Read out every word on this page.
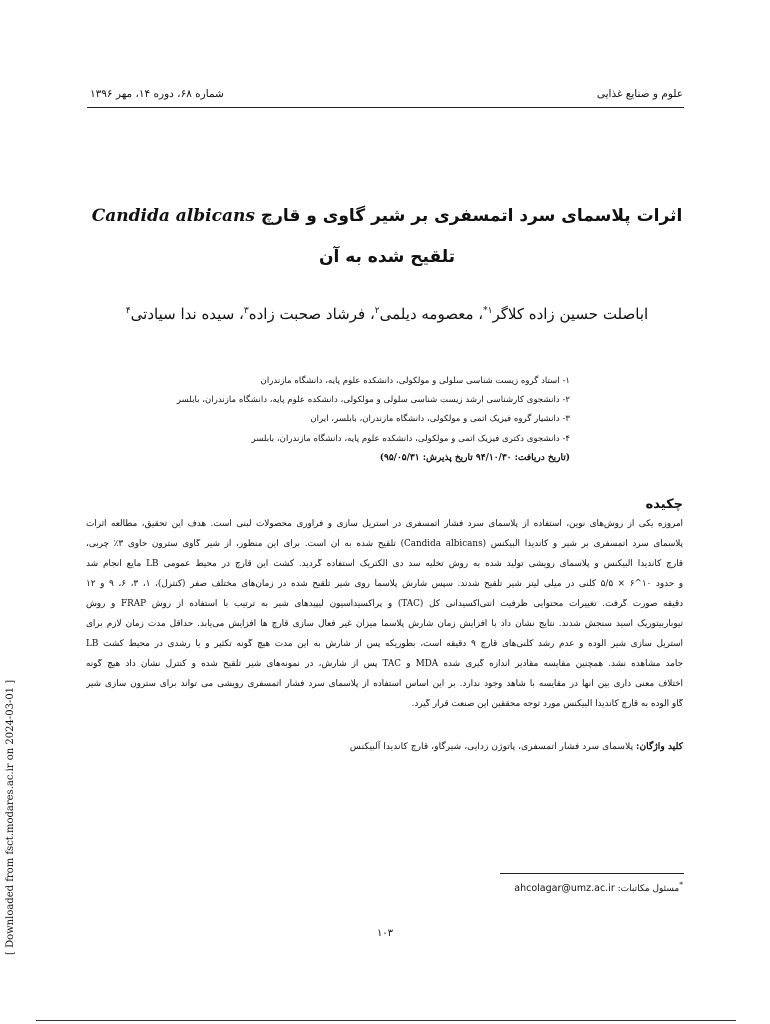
علوم و صنایع غذایی
شماره ۶۸، دوره ۱۴، مهر ۱۳۹۶
اثرات پلاسمای سرد اتمسفری بر شیر گاوی و قارچ Candida albicans
تلقیح شده به آن
اباصلت حسین زاده کلاگر$^{۱*}$، معصومه دیلمی$^۲$، فرشاد صحبت زاده$^۳$، سیده ندا سیادتی$^۴$
۱- استاد گروه زیست شناسی سلولی و مولکولی، دانشکده علوم پایه، دانشگاه مازندران
۲- دانشجوی کارشناسی ارشد زیست شناسی سلولی و مولکولی، دانشکده علوم پایه، دانشگاه مازندران، بابلسر
۳- دانشیار گروه فیزیک اتمی و مولکولی، دانشگاه مازندران، بابلسر، ایران
۴- دانشجوی دکتری فیزیک اتمی و مولکولی، دانشکده علوم پایه، دانشگاه مازندران، بابلسر
(تاریخ دریافت: ۹۴/۱۰/۳۰ تاریخ پذیرش: ۹۵/۰۵/۳۱)
چکیده
امروزه یکی از روش‌های نوین، استفاده از پلاسمای سرد فشار اتمسفری در استریل سازی و فرآوری محصولات لبنی است. هدف این تحقیق، مطالعه اثرات
پلاسمای سرد اتمسفری بر شیر و کاندیدا آلبیکنس (Candida albicans) تلقیح شده به آن است. برای این منظور، از شیر گاوی سترون حاوی ۳٪ چربی،
قارچ کاندیدا آلبیکنس و پلاسمای رویشی تولید شده به روش تخلیه سد دی الکتریک استفاده گردید. کشت این قارچ در محیط عمومی LB مایع انجام شد
و حدود ۱۰^۶ × ۵/۵ کلنی در میلی لیتر شیر تلقیح شدند. سپس شارش پلاسما روی شیر تلقیح شده در زمان‌های مختلف صفر (کنترل)، ۱، ۳، ۶، ۹ و ۱۲
دقیقه صورت گرفت. تغییرات محتوایی ظرفیت آنتی‌اکسیدانی کل (TAC) و پراکسیداسیون لیپیدهای شیر به ترتیب با استفاده از روش FRAP و روش
تیوباربیتوریک اسید سنجش شدند. نتایج نشان داد با افزایش زمان شارش پلاسما میزان غیر فعال سازی قارچ ها افزایش می‌یابد. حداقل مدت زمان لازم برای
استریل سازی شیر آلوده و عدم رشد کلنی‌های قارچ ۹ دقیقه است، بطوریکه پس از شارش به این مدت هیچ گونه تکثیر و یا رشدی در محیط کشت LB
جامد مشاهده نشد. همچنین مقایسه مقادیر اندازه گیری شده MDA و TAC پس از شارش، در نمونه‌های شیر تلقیح شده و کنترل نشان داد هیچ گونه
اختلاف معنی داری بین آنها در مقایسه با شاهد وجود ندارد. بر این اساس استفاده از پلاسمای سرد فشار اتمسفری رویشی می تواند برای سترون سازی شیر
گاو آلوده به قارچ کاندیدا آلبیکنس مورد توجه محققین این صنعت قرار گیرد.
کلید واژگان: پلاسمای سرد فشار اتمسفری، پاتوژن زدایی، شیرگاو، قارچ کاندیدا آلبیکنس
*مسئول مکاتبات: ahcolagar@umz.ac.ir
۱۰۳
[ Downloaded from fsct.modares.ac.ir on 2024-03-01 ]
